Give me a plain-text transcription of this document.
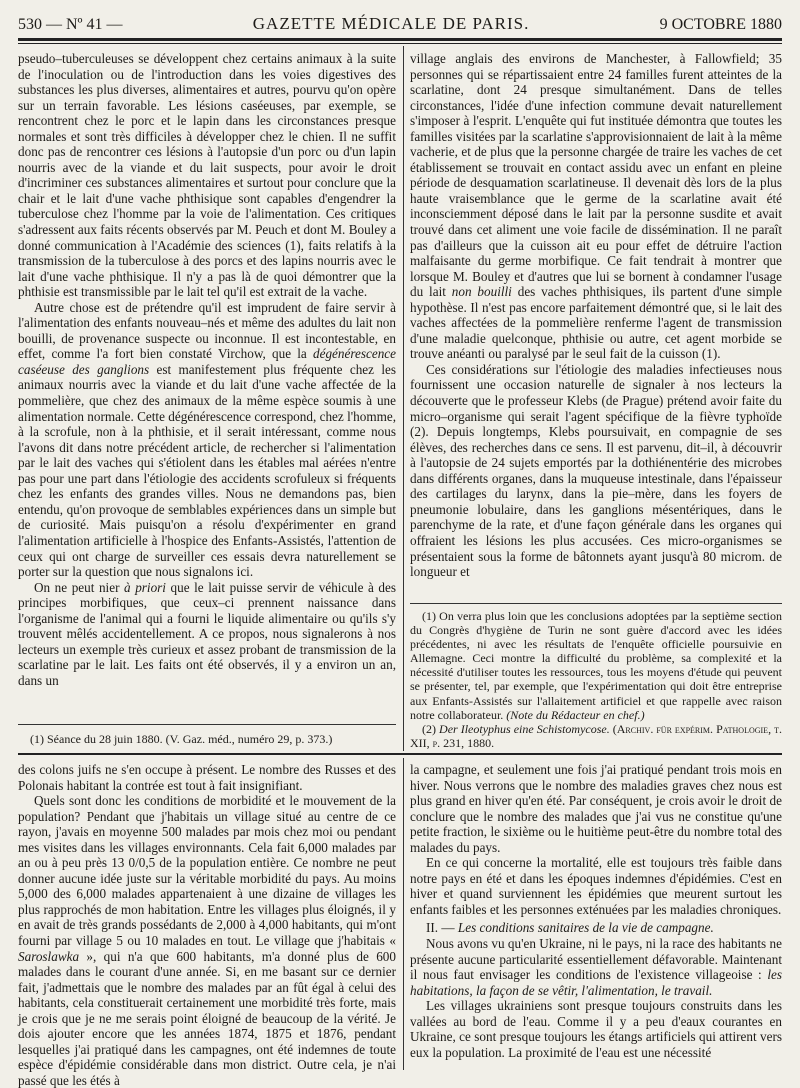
530 — Nº 41 —	GAZETTE MÉDICALE DE PARIS.	9 OCTOBRE 1880

pseudo–tuberculeuses se développent chez certains animaux à la suite de l'inoculation ou de l'introduction dans les voies digestives des substances les plus diverses, alimentaires et autres, pourvu qu'on opère sur un terrain favorable. Les lésions caséeuses, par exemple, se rencontrent chez le porc et le lapin dans les circonstances presque normales et sont très difficiles à développer chez le chien. Il ne suffit donc pas de rencontrer ces lésions à l'autopsie d'un porc ou d'un lapin nourris avec de la viande et du lait suspects, pour avoir le droit d'incriminer ces substances alimentaires et surtout pour conclure que la chair et le lait d'une vache phthisique sont capables d'engendrer la tuberculose chez l'homme par la voie de l'alimentation. Ces critiques s'adressent aux faits récents observés par M. Peuch et dont M. Bouley a donné communication à l'Académie des sciences (1), faits relatifs à la transmission de la tuberculose à des porcs et des lapins nourris avec le lait d'une vache phthisique. Il n'y a pas là de quoi démontrer que la phthisie est transmissible par le lait tel qu'il est extrait de la vache.

Autre chose est de prétendre qu'il est imprudent de faire servir à l'alimentation des enfants nouveau–nés et même des adultes du lait non bouilli, de provenance suspecte ou inconnue. Il est incontestable, en effet, comme l'a fort bien constaté Virchow, que la dégénérescence caséeuse des ganglions est manifestement plus fréquente chez les animaux nourris avec la viande et du lait d'une vache affectée de la pommelière, que chez des animaux de la même espèce soumis à une alimentation normale. Cette dégénérescence correspond, chez l'homme, à la scrofule, non à la phthisie, et il serait intéressant, comme nous l'avons dit dans notre précédent article, de rechercher si l'alimentation par le lait des vaches qui s'étiolent dans les étables mal aérées n'entre pas pour une part dans l'étiologie des accidents scrofuleux si fréquents chez les enfants des grandes villes. Nous ne demandons pas, bien entendu, qu'on provoque de semblables expériences dans un simple but de curiosité. Mais puisqu'on a résolu d'expérimenter en grand l'alimentation artificielle à l'hospice des Enfants-Assistés, l'attention de ceux qui ont charge de surveiller ces essais devra naturellement se porter sur la question que nous signalons ici.

On ne peut nier à priori que le lait puisse servir de véhicule à des principes morbifiques, que ceux–ci prennent naissance dans l'organisme de l'animal qui a fourni le liquide alimentaire ou qu'ils s'y trouvent mêlés accidentellement. A ce propos, nous signalerons à nos lecteurs un exemple très curieux et assez probant de transmission de la scarlatine par le lait. Les faits ont été observés, il y a environ un an, dans un

village anglais des environs de Manchester, à Fallowfield; 35 personnes qui se répartissaient entre 24 familles furent atteintes de la scarlatine, dont 24 presque simultanément. Dans de telles circonstances, l'idée d'une infection commune devait naturellement s'imposer à l'esprit. L'enquête qui fut instituée démontra que toutes les familles visitées par la scarlatine s'approvisionnaient de lait à la même vacherie, et de plus que la personne chargée de traire les vaches de cet établissement se trouvait en contact assidu avec un enfant en pleine période de desquamation scarlatineuse. Il devenait dès lors de la plus haute vraisemblance que le germe de la scarlatine avait été inconsciemment déposé dans le lait par la personne susdite et avait trouvé dans cet aliment une voie facile de dissémination. Il ne paraît pas d'ailleurs que la cuisson ait eu pour effet de détruire l'action malfaisante du germe morbifique. Ce fait tendrait à montrer que lorsque M. Bouley et d'autres que lui se bornent à condamner l'usage du lait non bouilli des vaches phthisiques, ils partent d'une simple hypothèse. Il n'est pas encore parfaitement démontré que, si le lait des vaches affectées de la pommelière renferme l'agent de transmission d'une maladie quelconque, phthisie ou autre, cet agent morbide se trouve anéanti ou paralysé par le seul fait de la cuisson (1).

Ces considérations sur l'étiologie des maladies infectieuses nous fournissent une occasion naturelle de signaler à nos lecteurs la découverte que le professeur Klebs (de Prague) prétend avoir faite du micro–organisme qui serait l'agent spécifique de la fièvre typhoïde (2). Depuis longtemps, Klebs poursuivait, en compagnie de ses élèves, des recherches dans ce sens. Il est parvenu, dit–il, à découvrir à l'autopsie de 24 sujets emportés par la dothiénentérie des microbes dans différents organes, dans la muqueuse intestinale, dans l'épaisseur des cartilages du larynx, dans la pie–mère, dans les foyers de pneumonie lobulaire, dans les ganglions mésentériques, dans le parenchyme de la rate, et d'une façon générale dans les organes qui offraient les lésions les plus accusées. Ces micro-organismes se présentaient sous la forme de bâtonnets ayant jusqu'à 80 microm. de longueur et

(1) On verra plus loin que les conclusions adoptées par la septième section du Congrès d'hygiène de Turin ne sont guère d'accord avec les idées précédentes, ni avec les résultats de l'enquête officielle poursuivie en Allemagne. Ceci montre la difficulté du problème, sa complexité et la nécessité d'utiliser toutes les ressources, tous les moyens d'étude qui peuvent se présenter, tel, par exemple, que l'expérimentation qui doit être entreprise aux Enfants-Assistés sur l'allaitement artificiel et que rappelle avec raison notre collaborateur. (Note du Rédacteur en chef.)

(2) Der Ileotyphus eine Schistomycose. (Archiv. für expérim. Pathologie, t. XII, p. 231, 1880.

(1) Séance du 28 juin 1880. (V. Gaz. méd., numéro 29, p. 373.)

des colons juifs ne s'en occupe à présent. Le nombre des Russes et des Polonais habitant la contrée est tout à fait insignifiant.

Quels sont donc les conditions de morbidité et le mouvement de la population? Pendant que j'habitais un village situé au centre de ce rayon, j'avais en moyenne 500 malades par mois chez moi ou pendant mes visites dans les villages environnants. Cela fait 6,000 malades par an ou à peu près 13 0/0,5 de la population entière. Ce nombre ne peut donner aucune idée juste sur la véritable morbidité du pays. Au moins 5,000 des 6,000 malades appartenaient à une dizaine de villages les plus rapprochés de mon habitation. Entre les villages plus éloignés, il y en avait de très grands possédants de 2,000 à 4,000 habitants, qui m'ont fourni par village 5 ou 10 malades en tout. Le village que j'habitais « Saroslawka », qui n'a que 600 habitants, m'a donné plus de 600 malades dans le courant d'une année. Si, en me basant sur ce dernier fait, j'admettais que le nombre des malades par an fût égal à celui des habitants, cela constituerait certainement une morbidité très forte, mais je crois que je ne me serais point éloigné de beaucoup de la vérité. Je dois ajouter encore que les années 1874, 1875 et 1876, pendant lesquelles j'ai pratiqué dans les campagnes, ont été indemnes de toute espèce d'épidémie considérable dans mon district. Outre cela, je n'ai passé que les étés à

la campagne, et seulement une fois j'ai pratiqué pendant trois mois en hiver. Nous verrons que le nombre des maladies graves chez nous est plus grand en hiver qu'en été. Par conséquent, je crois avoir le droit de conclure que le nombre des malades que j'ai vus ne constitue qu'une petite fraction, le sixième ou le huitième peut-être du nombre total des malades du pays.

En ce qui concerne la mortalité, elle est toujours très faible dans notre pays en été et dans les époques indemnes d'épidémies. C'est en hiver et quand surviennent les épidémies que meurent surtout les enfants faibles et les personnes exténuées par les maladies chroniques.

II. — Les conditions sanitaires de la vie de campagne.

Nous avons vu qu'en Ukraine, ni le pays, ni la race des habitants ne présente aucune particularité essentiellement défavorable. Maintenant il nous faut envisager les conditions de l'existence villageoise : les habitations, la façon de se vêtir, l'alimentation, le travail.

Les villages ukrainiens sont presque toujours construits dans les vallées au bord de l'eau. Comme il y a peu d'eaux courantes en Ukraine, ce sont presque toujours les étangs artificiels qui attirent vers eux la population. La proximité de l'eau est une nécessité
